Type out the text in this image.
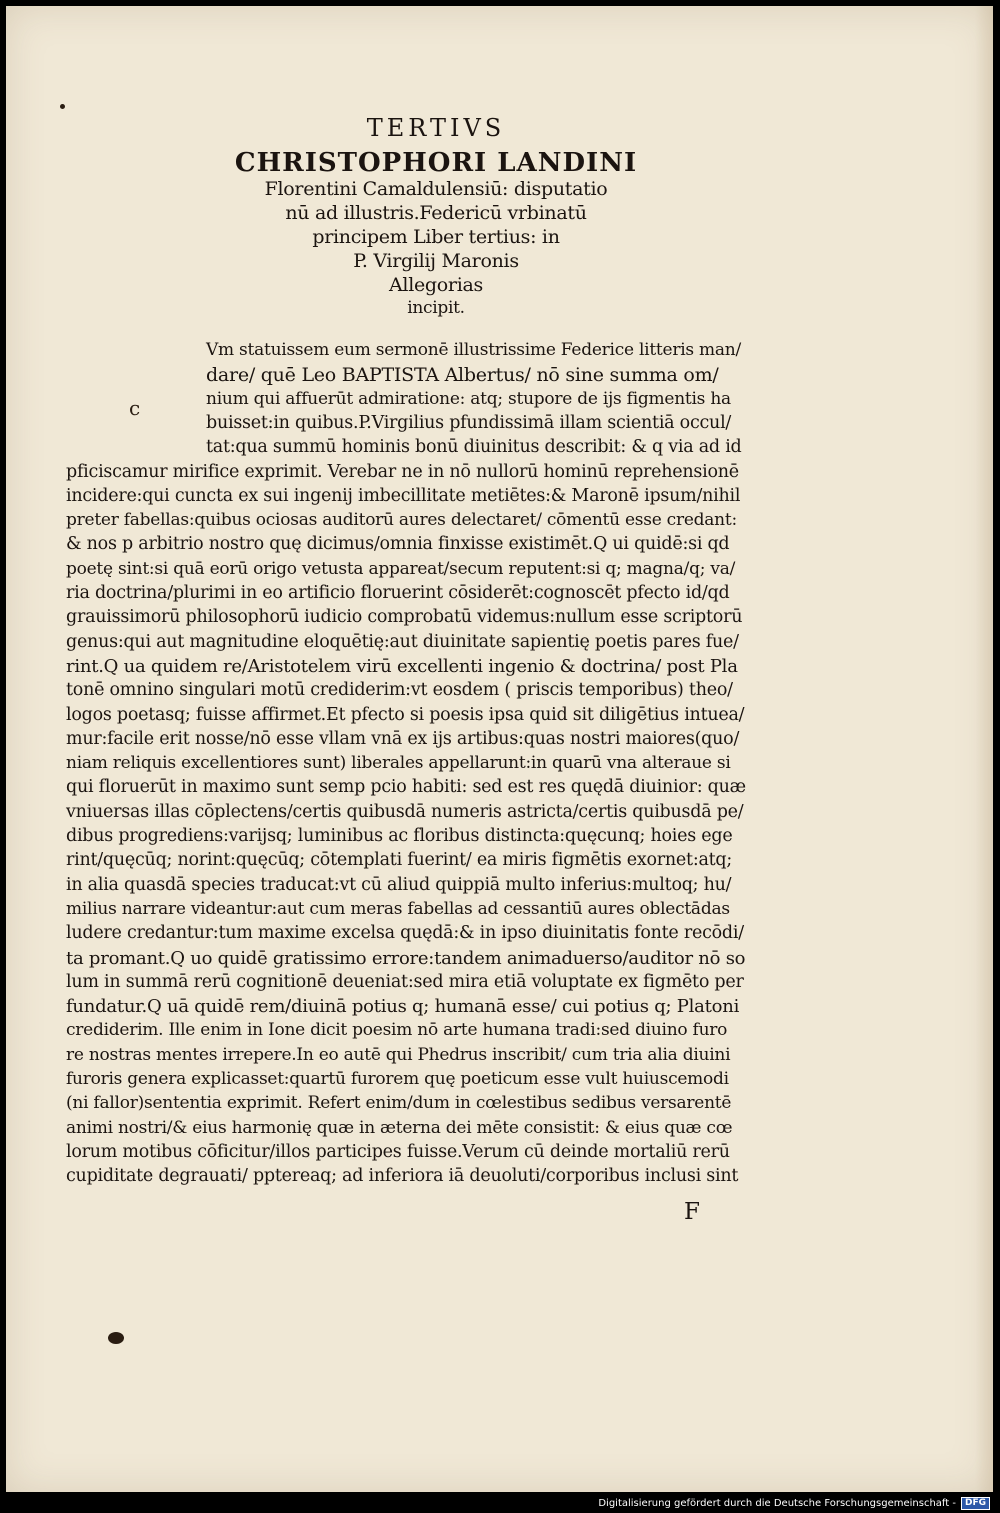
c
TERTIVS
CHRISTOPHORI LANDINI
Florentini Camaldulensiū: disputatio
nū ad illustris.Federicū vrbinatū
principem Liber tertius: in
P. Virgilij Maronis
Allegorias
incipit.
Vm statuissem eum sermonē illustrissime Federice litteris man/
dare/ quē Leo BAPTISTA Albertus/ nō sine summa om/
nium qui affuerūt admiratione: atq; stupore de ijs figmentis ha
buisset:in quibus.P.Virgilius pfundissimā illam scientiā occul/
tat:qua summū hominis bonū diuinitus describit: & q via ad id
pficiscamur mirifice exprimit. Verebar ne in nō nullorū hominū reprehensionē
incidere:qui cuncta ex sui ingenij imbecillitate metiētes:& Maronē ipsum/nihil
preter fabellas:quibus ociosas auditorū aures delectaret/ cōmentū esse credant:
& nos p arbitrio nostro quę dicimus/omnia finxisse existimēt.Q ui quidē:si qd
poetę sint:si quā eorū origo vetusta appareat/secum reputent:si q; magna/q; va/
ria doctrina/plurimi in eo artificio floruerint cōsiderēt:cognoscēt pfecto id/qd
grauissimorū philosophorū iudicio comprobatū videmus:nullum esse scriptorū
genus:qui aut magnitudine eloquētię:aut diuinitate sapientię poetis pares fue/
rint.Q ua quidem re/Aristotelem virū excellenti ingenio & doctrina/ post Pla
tonē omnino singulari motū crediderim:vt eosdem ( priscis temporibus) theo/
logos poetasq; fuisse affirmet.Et pfecto si poesis ipsa quid sit diligētius intuea/
mur:facile erit nosse/nō esse vllam vnā ex ijs artibus:quas nostri maiores(quo/
niam reliquis excellentiores sunt) liberales appellarunt:in quarū vna alteraue si
qui floruerūt in maximo sunt semp pcio habiti: sed est res quędā diuinior: quæ
vniuersas illas cōplectens/certis quibusdā numeris astricta/certis quibusdā pe/
dibus progrediens:varijsq; luminibus ac floribus distincta:quęcunq; hoies ege
rint/quęcūq; norint:quęcūq; cōtemplati fuerint/ ea miris figmētis exornet:atq;
in alia quasdā species traducat:vt cū aliud quippiā multo inferius:multoq; hu/
milius narrare videantur:aut cum meras fabellas ad cessantiū aures oblectādas
ludere credantur:tum maxime excelsa quędā:& in ipso diuinitatis fonte recōdi/
ta promant.Q uo quidē gratissimo errore:tandem animaduerso/auditor nō so
lum in summā rerū cognitionē deueniat:sed mira etiā voluptate ex figmēto per
fundatur.Q uā quidē rem/diuinā potius q; humanā esse/ cui potius q; Platoni
crediderim. Ille enim in Ione dicit poesim nō arte humana tradi:sed diuino furo
re nostras mentes irrepere.In eo autē qui Phedrus inscribit/ cum tria alia diuini
furoris genera explicasset:quartū furorem quę poeticum esse vult huiuscemodi
(ni fallor)sententia exprimit. Refert enim/dum in cœlestibus sedibus versarentē
animi nostri/& eius harmonię quæ in æterna dei mēte consistit: & eius quæ cœ
lorum motibus cōficitur/illos participes fuisse.Verum cū deinde mortaliū rerū
cupiditate degrauati/ pptereaq; ad inferiora iā deuoluti/corporibus inclusi sint
F
Digitalisierung gefördert durch die Deutsche Forschungsgemeinschaft -	DFG
